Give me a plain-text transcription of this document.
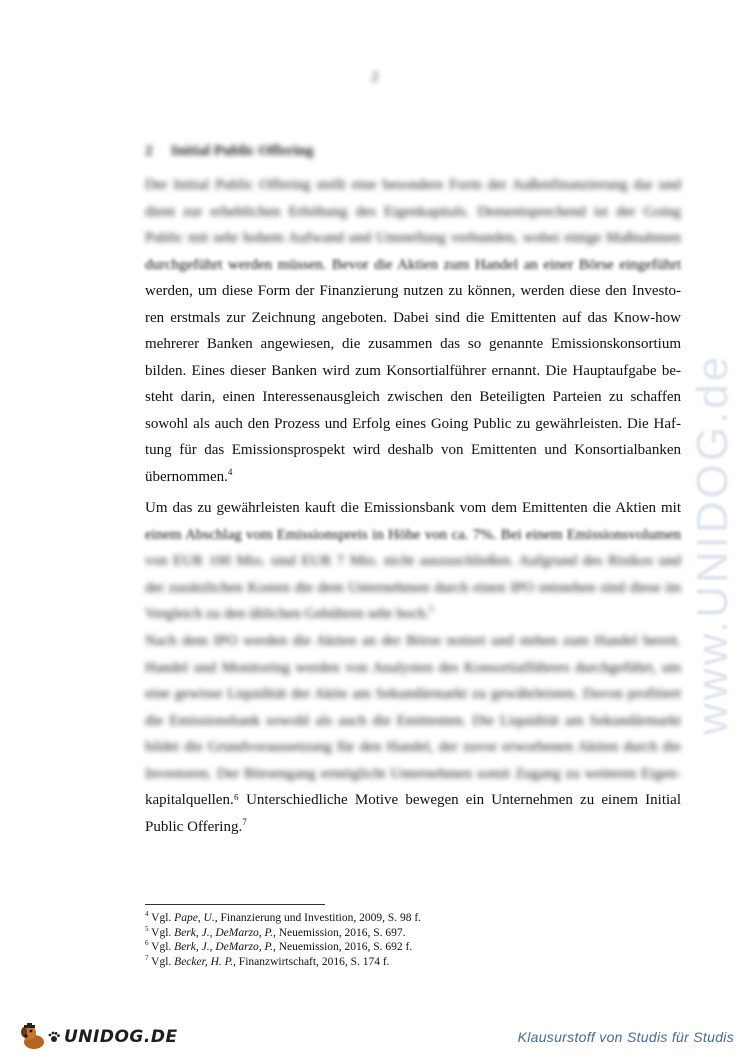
2
2 Initial Public Offering
Der Initial Public Offering stellt eine besondere Form der Außenfinanzierung dar und
dient zur erheblichen Erhöhung des Eigenkapitals. Dementsprechend ist der Going
Public mit sehr hohem Aufwand und Umstellung verbunden, wobei einige Maßnahmen
durchgeführt werden müssen. Bevor die Aktien zum Handel an einer Börse eingeführt
werden, um diese Form der Finanzierung nutzen zu können, werden diese den Investo-
ren erstmals zur Zeichnung angeboten. Dabei sind die Emittenten auf das Know-how
mehrerer Banken angewiesen, die zusammen das so genannte Emissionskonsortium
bilden. Eines dieser Banken wird zum Konsortialführer ernannt. Die Hauptaufgabe be-
steht darin, einen Interessenausgleich zwischen den Beteiligten Parteien zu schaffen
sowohl als auch den Prozess und Erfolg eines Going Public zu gewährleisten. Die Haf-
tung für das Emissionsprospekt wird deshalb von Emittenten und Konsortialbanken
übernommen.$^4$
Um das zu gewährleisten kauft die Emissionsbank vom dem Emittenten die Aktien mit
einem Abschlag vom Emissionspreis in Höhe von ca. 7%. Bei einem Emissionsvolumen
von EUR 100 Mio. sind EUR 7 Mio. nicht auszuschließen. Aufgrund des Risikos und
der zusätzlichen Kosten die dem Unternehmen durch einen IPO entstehen sind diese im
Vergleich zu den üblichen Gebühren sehr hoch.$^5$
Nach dem IPO werden die Aktien an der Börse notiert und stehen zum Handel bereit.
Handel und Monitoring werden von Analysten des Konsortialführers durchgeführt, um
eine gewisse Liquidität der Aktie am Sekundärmarkt zu gewährleisten. Davon profitiert
die Emissionsbank sowohl als auch die Emittenten. Die Liquidität am Sekundärmarkt
bildet die Grundvoraussetzung für den Handel, der zuvor erworbenen Aktien durch die
Investoren. Der Börsengang ermöglicht Unternehmen somit Zugang zu weiteren Eigen-
kapitalquellen.⁶ Unterschiedliche Motive bewegen ein Unternehmen zu einem Initial
Public Offering.$^7$
$^4$ Vgl. Pape, U., Finanzierung und Investition, 2009, S. 98 f.
$^5$ Vgl. Berk, J., DeMarzo, P., Neuemission, 2016, S. 697.
$^6$ Vgl. Berk, J., DeMarzo, P., Neuemission, 2016, S. 692 f.
$^7$ Vgl. Becker, H. P., Finanzwirtschaft, 2016, S. 174 f.
www.UNIDOG.de
UNIDOG.DE	Klausurstoff von Studis für Studis
